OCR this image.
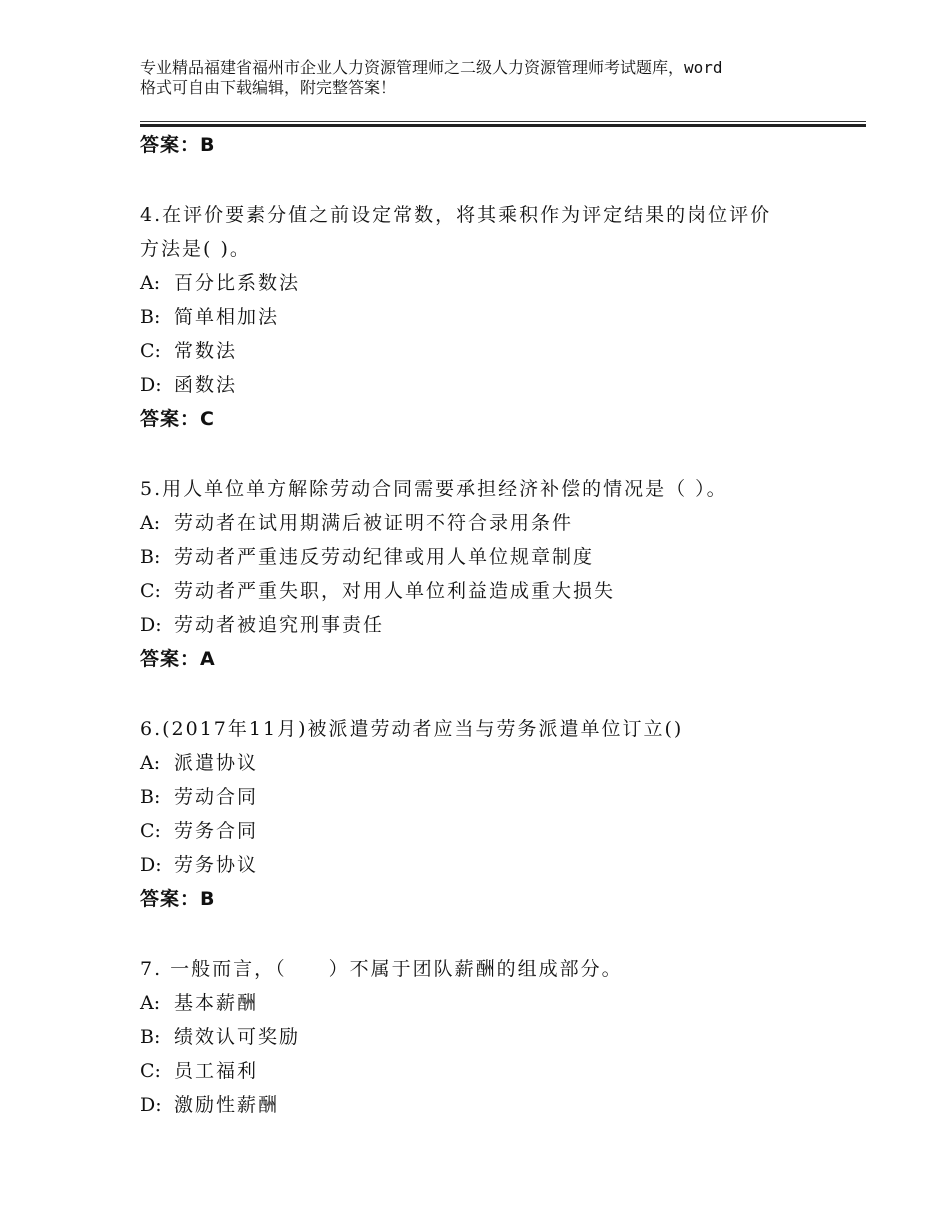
专业精品福建省福州市企业人力资源管理师之二级人力资源管理师考试题库，word
格式可自由下载编辑，附完整答案！
答案：B
4.在评价要素分值之前设定常数，将其乘积作为评定结果的岗位评价
方法是( )。
A: 百分比系数法
B: 简单相加法
C: 常数法
D: 函数法
答案：C
5.用人单位单方解除劳动合同需要承担经济补偿的情况是（ ）。
A: 劳动者在试用期满后被证明不符合录用条件
B: 劳动者严重违反劳动纪律或用人单位规章制度
C: 劳动者严重失职，对用人单位利益造成重大损失
D: 劳动者被追究刑事责任
答案：A
6.(2017年11月)被派遣劳动者应当与劳务派遣单位订立()
A: 派遣协议
B: 劳动合同
C: 劳务合同
D: 劳务协议
答案：B
7. 一般而言，（　　）不属于团队薪酬的组成部分。
A: 基本薪酬
B: 绩效认可奖励
C: 员工福利
D: 激励性薪酬
